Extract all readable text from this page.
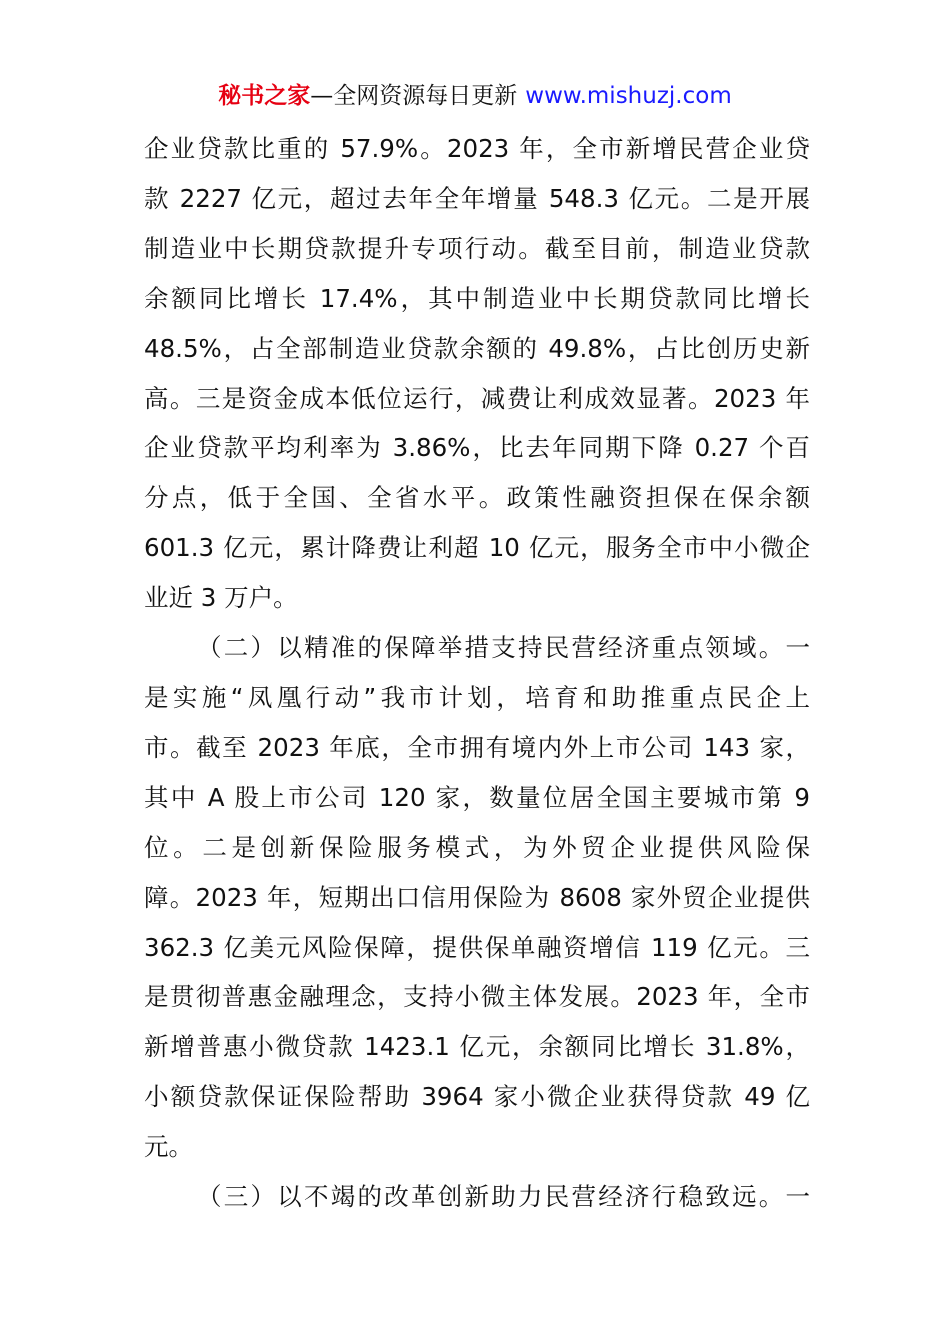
秘书之家—全网资源每日更新 www.mishuzj.com
企业贷款比重的 57.9%。2023 年，全市新增民营企业贷
款 2227 亿元，超过去年全年增量 548.3 亿元。二是开展
制造业中长期贷款提升专项行动。截至目前，制造业贷款
余额同比增长 17.4%，其中制造业中长期贷款同比增长
48.5%，占全部制造业贷款余额的 49.8%，占比创历史新
高。三是资金成本低位运行，减费让利成效显著。2023 年
企业贷款平均利率为 3.86%，比去年同期下降 0.27 个百
分点，低于全国、全省水平。政策性融资担保在保余额
601.3 亿元，累计降费让利超 10 亿元，服务全市中小微企
业近 3 万户。
（二）以精准的保障举措支持民营经济重点领域。一
是实施“凤凰行动”我市计划，培育和助推重点民企上
市。截至 2023 年底，全市拥有境内外上市公司 143 家，
其中 A 股上市公司 120 家，数量位居全国主要城市第 9
位。二是创新保险服务模式，为外贸企业提供风险保
障。2023 年，短期出口信用保险为 8608 家外贸企业提供
362.3 亿美元风险保障，提供保单融资增信 119 亿元。三
是贯彻普惠金融理念，支持小微主体发展。2023 年，全市
新增普惠小微贷款 1423.1 亿元，余额同比增长 31.8%，
小额贷款保证保险帮助 3964 家小微企业获得贷款 49 亿
元。
（三）以不竭的改革创新助力民营经济行稳致远。一
